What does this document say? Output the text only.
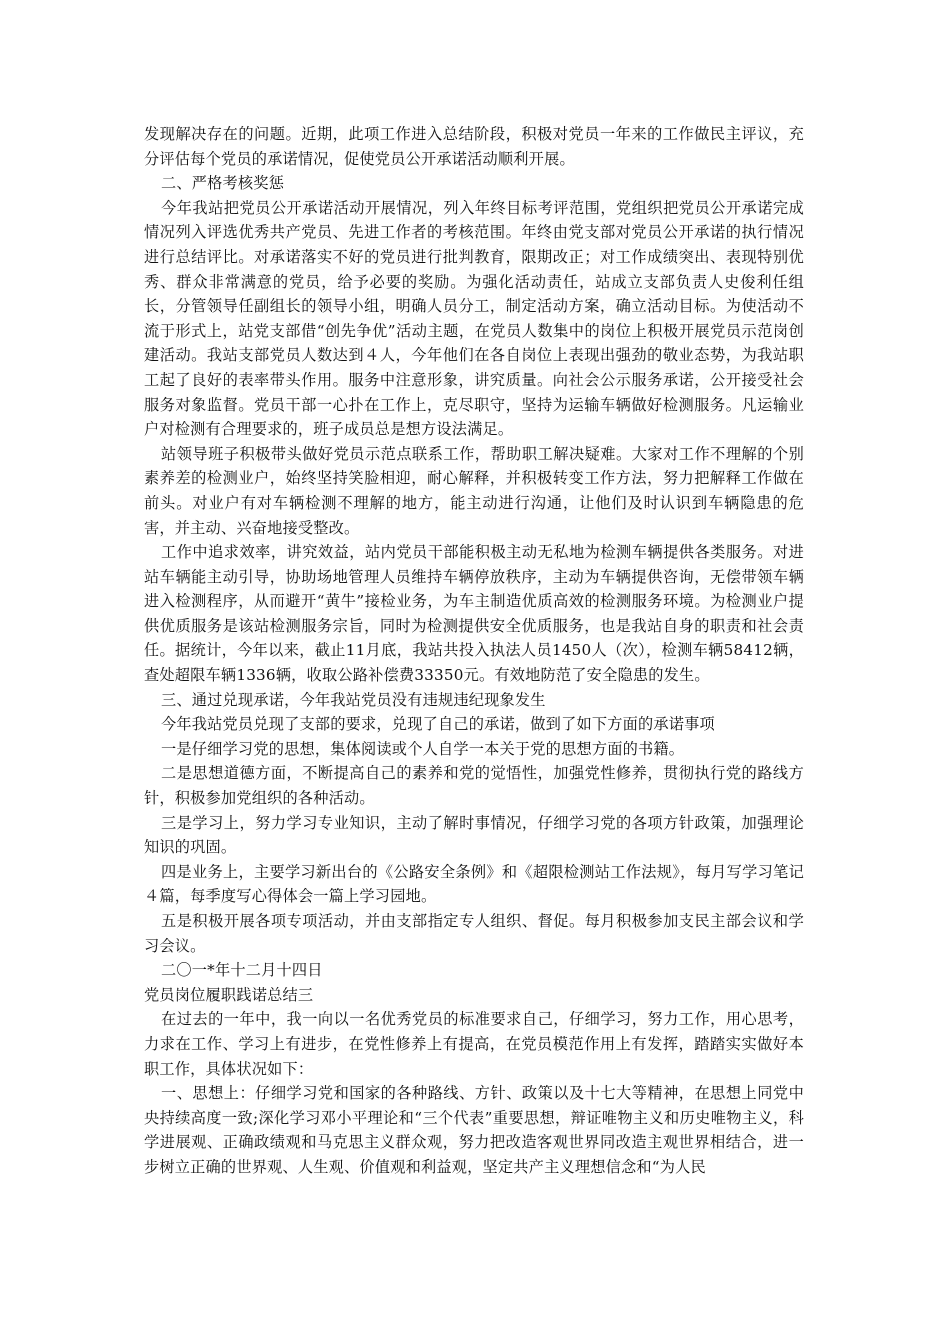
发现解决存在的问题。近期，此项工作进入总结阶段，积极对党员一年来的工作做民主评议，充分评估每个党员的承诺情况，促使党员公开承诺活动顺利开展。

二、严格考核奖惩

今年我站把党员公开承诺活动开展情况，列入年终目标考评范围，党组织把党员公开承诺完成情况列入评选优秀共产党员、先进工作者的考核范围。年终由党支部对党员公开承诺的执行情况进行总结评比。对承诺落实不好的党员进行批判教育，限期改正；对工作成绩突出、表现特别优秀、群众非常满意的党员，给予必要的奖励。为强化活动责任，站成立支部负责人史俊利任组长，分管领导任副组长的领导小组，明确人员分工，制定活动方案，确立活动目标。为使活动不流于形式上，站党支部借“创先争优”活动主题，在党员人数集中的岗位上积极开展党员示范岗创建活动。我站支部党员人数达到４人，今年他们在各自岗位上表现出强劲的敬业态势，为我站职工起了良好的表率带头作用。服务中注意形象，讲究质量。向社会公示服务承诺，公开接受社会服务对象监督。党员干部一心扑在工作上，克尽职守，坚持为运输车辆做好检测服务。凡运输业户对检测有合理要求的，班子成员总是想方设法满足。

站领导班子积极带头做好党员示范点联系工作，帮助职工解决疑难。大家对工作不理解的个别素养差的检测业户，始终坚持笑脸相迎，耐心解释，并积极转变工作方法，努力把解释工作做在前头。对业户有对车辆检测不理解的地方，能主动进行沟通，让他们及时认识到车辆隐患的危害，并主动、兴奋地接受整改。

工作中追求效率，讲究效益，站内党员干部能积极主动无私地为检测车辆提供各类服务。对进站车辆能主动引导，协助场地管理人员维持车辆停放秩序，主动为车辆提供咨询，无偿带领车辆进入检测程序，从而避开“黄牛”接检业务，为车主制造优质高效的检测服务环境。为检测业户提供优质服务是该站检测服务宗旨，同时为检测提供安全优质服务，也是我站自身的职责和社会责任。据统计，今年以来，截止11月底，我站共投入执法人员1450人（次），检测车辆58412辆，查处超限车辆1336辆，收取公路补偿费33350元。有效地防范了安全隐患的发生。

三、通过兑现承诺，今年我站党员没有违规违纪现象发生

今年我站党员兑现了支部的要求，兑现了自己的承诺，做到了如下方面的承诺事项

一是仔细学习党的思想，集体阅读或个人自学一本关于党的思想方面的书籍。

二是思想道德方面，不断提高自己的素养和党的觉悟性，加强党性修养，贯彻执行党的路线方针，积极参加党组织的各种活动。

三是学习上，努力学习专业知识，主动了解时事情况，仔细学习党的各项方针政策，加强理论知识的巩固。

四是业务上，主要学习新出台的《公路安全条例》和《超限检测站工作法规》，每月写学习笔记４篇，每季度写心得体会一篇上学习园地。

五是积极开展各项专项活动，并由支部指定专人组织、督促。每月积极参加支民主部会议和学习会议。

二〇一*年十二月十四日

党员岗位履职践诺总结三

在过去的一年中，我一向以一名优秀党员的标准要求自己，仔细学习，努力工作，用心思考，力求在工作、学习上有进步，在党性修养上有提高，在党员模范作用上有发挥，踏踏实实做好本职工作，具体状况如下：

一、思想上：仔细学习党和国家的各种路线、方针、政策以及十七大等精神，在思想上同党中央持续高度一致;深化学习邓小平理论和“三个代表”重要思想，辩证唯物主义和历史唯物主义，科学进展观、正确政绩观和马克思主义群众观，努力把改造客观世界同改造主观世界相结合，进一步树立正确的世界观、人生观、价值观和利益观，坚定共产主义理想信念和“为人民
